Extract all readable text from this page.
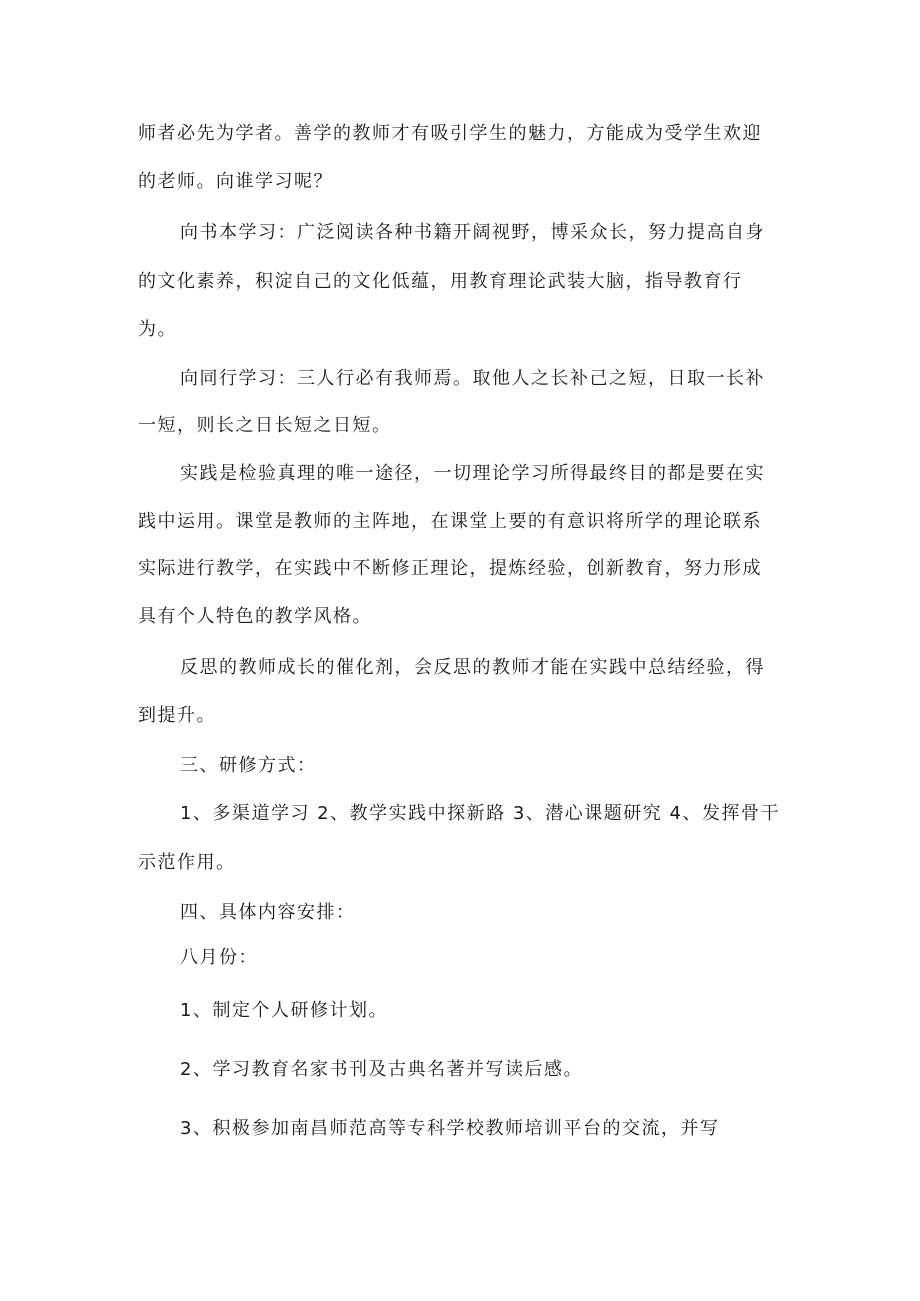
师者必先为学者。善学的教师才有吸引学生的魅力，方能成为受学生欢迎
的老师。向谁学习呢？
向书本学习：广泛阅读各种书籍开阔视野，博采众长，努力提高自身
的文化素养，积淀自己的文化低蕴，用教育理论武装大脑，指导教育行
为。
向同行学习：三人行必有我师焉。取他人之长补己之短，日取一长补
一短，则长之日长短之日短。
实践是检验真理的唯一途径，一切理论学习所得最终目的都是要在实
践中运用。课堂是教师的主阵地，在课堂上要的有意识将所学的理论联系
实际进行教学，在实践中不断修正理论，提炼经验，创新教育，努力形成
具有个人特色的教学风格。
反思的教师成长的催化剂，会反思的教师才能在实践中总结经验，得
到提升。
三、研修方式：
1、多渠道学习 2、教学实践中探新路 3、潜心课题研究 4、发挥骨干
示范作用。
四、具体内容安排：
八月份：
1、制定个人研修计划。
2、学习教育名家书刊及古典名著并写读后感。
3、积极参加南昌师范高等专科学校教师培训平台的交流，并写
